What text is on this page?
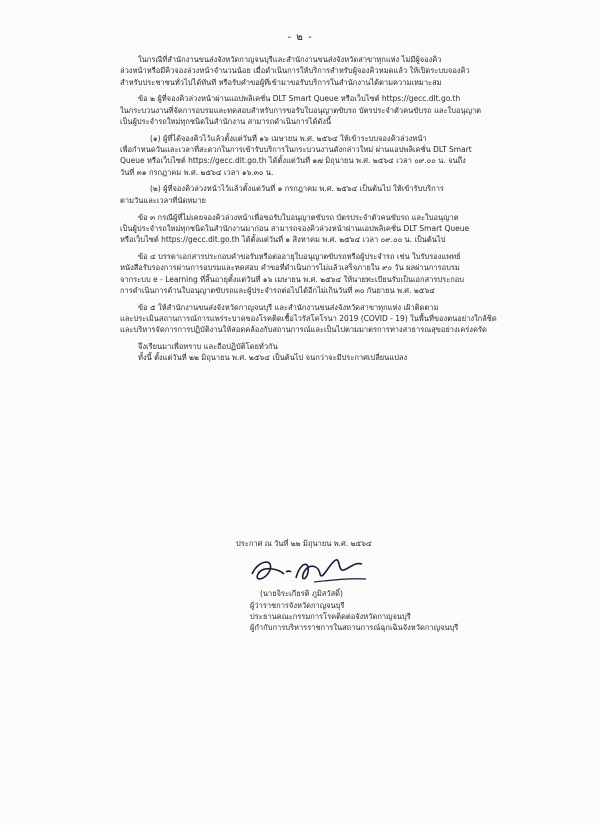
- ๒ -
ในกรณีที่สำนักงานขนส่งจังหวัดกาญจนบุรีและสำนักงานขนส่งจังหวัดสาขาทุกแห่ง ไม่มีผู้จองคิว
ล่วงหน้าหรือมีคิวจองล่วงหน้าจำนวนน้อย เมื่อดำเนินการให้บริการสำหรับผู้จองคิวหมดแล้ว ให้เปิดระบบจองคิว
สำหรับประชาชนทั่วไปได้ทันที หรือรับคำขอผู้ที่เข้ามาขอรับบริการในสำนักงานได้ตามความเหมาะสม
ข้อ ๒ ผู้ที่จองคิวล่วงหน้าผ่านแอปพลิเคชั่น DLT Smart Queue หรือเว็บไซต์ https://gecc.dlt.go.th
ในกระบวนงานที่จัดการอบรมและทดสอบสำหรับการขอรับใบอนุญาตขับรถ บัตรประจำตัวคนขับรถ และใบอนุญาต
เป็นผู้ประจำรถใหม่ทุกชนิดในสำนักงาน สามารถดำเนินการได้ดังนี้
(๑) ผู้ที่ได้จองคิวไว้แล้วตั้งแต่วันที่ ๑๖ เมษายน พ.ศ. ๒๕๖๔ ให้เข้าระบบจองคิวล่วงหน้า
เพื่อกำหนดวันและเวลาที่สะดวกในการเข้ารับบริการในกระบวนงานดังกล่าวใหม่ ผ่านแอปพลิเคชั่น DLT Smart
Queue หรือเว็บไซต์ https://gecc.dlt.go.th ได้ตั้งแต่วันที่ ๑๗ มิถุนายน พ.ศ. ๒๕๖๔ เวลา ๐๙.๐๐ น. จนถึง
วันที่ ๓๑ กรกฎาคม พ.ศ. ๒๕๖๔ เวลา ๑๖.๓๐ น.
(๒) ผู้ที่จองคิวล่วงหน้าไว้แล้วตั้งแต่วันที่ ๑ กรกฎาคม พ.ศ. ๒๕๖๔ เป็นต้นไป ให้เข้ารับบริการ
ตามวันและเวลาที่นัดหมาย
ข้อ ๓ กรณีผู้ที่ไม่เคยจองคิวล่วงหน้าเพื่อขอรับใบอนุญาตขับรถ บัตรประจำตัวคนขับรถ และใบอนุญาต
เป็นผู้ประจำรถใหม่ทุกชนิดในสำนักงานมาก่อน สามารถจองคิวล่วงหน้าผ่านแอปพลิเคชั่น DLT Smart Queue
หรือเว็บไซต์ https://gecc.dlt.go.th ได้ตั้งแต่วันที่ ๑ สิงหาคม พ.ศ. ๒๕๖๔ เวลา ๐๙.๐๐ น. เป็นต้นไป
ข้อ ๔ บรรดาเอกสารประกอบคำขอรับหรือต่ออายุใบอนุญาตขับรถหรือผู้ประจำรถ เช่น ใบรับรองแพทย์
หนังสือรับรองการผ่านการอบรมและทดสอบ คำขอที่ดำเนินการไม่แล้วเสร็จภายใน ๙๐ วัน ผลผ่านการอบรม
จากระบบ e - Learning ที่สิ้นอายุตั้งแต่วันที่ ๑๖ เมษายน พ.ศ. ๒๕๖๔ ให้นายทะเบียนรับเป็นเอกสารประกอบ
การดำเนินการด้านใบอนุญาตขับรถและผู้ประจำรถต่อไปได้อีกไม่เกินวันที่ ๓๐ กันยายน พ.ศ. ๒๕๖๔
ข้อ ๕ ให้สำนักงานขนส่งจังหวัดกาญจนบุรี และสำนักงานขนส่งจังหวัดสาขาทุกแห่ง เฝ้าติดตาม
และประเมินสถานการณ์การแพร่ระบาดของโรคติดเชื้อไวรัสโคโรนา 2019 (COVID - 19) ในพื้นที่ของตนอย่างใกล้ชิด
และบริหารจัดการการปฏิบัติงานให้สอดคล้องกับสถานการณ์และเป็นไปตามมาตรการทางสาธารณสุขอย่างเคร่งครัด
จึงเรียนมาเพื่อทราบ และถือปฏิบัติโดยทั่วกัน
ทั้งนี้ ตั้งแต่วันที่ ๒๒ มิถุนายน พ.ศ. ๒๕๖๔ เป็นต้นไป จนกว่าจะมีประกาศเปลี่ยนแปลง
ประกาศ ณ วันที่ ๒๒ มิถุนายน พ.ศ. ๒๕๖๔
(นายจิระเกียรติ ภูมิสวัสดิ์)
ผู้ว่าราชการจังหวัดกาญจนบุรี
ประธานคณะกรรมการโรคติดต่อจังหวัดกาญจนบุรี
ผู้กำกับการบริหารราชการในสถานการณ์ฉุกเฉินจังหวัดกาญจนบุรี
